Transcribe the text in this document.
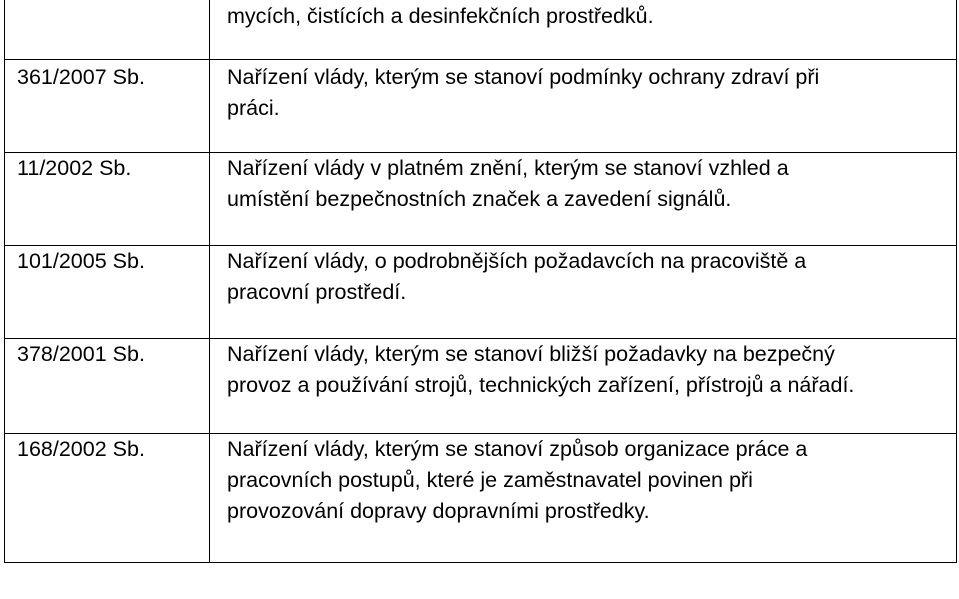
	mycích, čistících a desinfekčních prostředků.

361/2007 Sb.	Nařízení vlády, kterým se stanoví podmínky ochrany zdraví při
práci.

11/2002 Sb.	Nařízení vlády v platném znění, kterým se stanoví vzhled a
umístění bezpečnostních značek a zavedení signálů.

101/2005 Sb.	Nařízení vlády, o podrobnějších požadavcích na pracoviště a
pracovní prostředí.

378/2001 Sb.	Nařízení vlády, kterým se stanoví bližší požadavky na bezpečný
provoz a používání strojů, technických zařízení, přístrojů a nářadí.

168/2002 Sb.	Nařízení vlády, kterým se stanoví způsob organizace práce a
pracovních postupů, které je zaměstnavatel povinen při
provozování dopravy dopravními prostředky.
